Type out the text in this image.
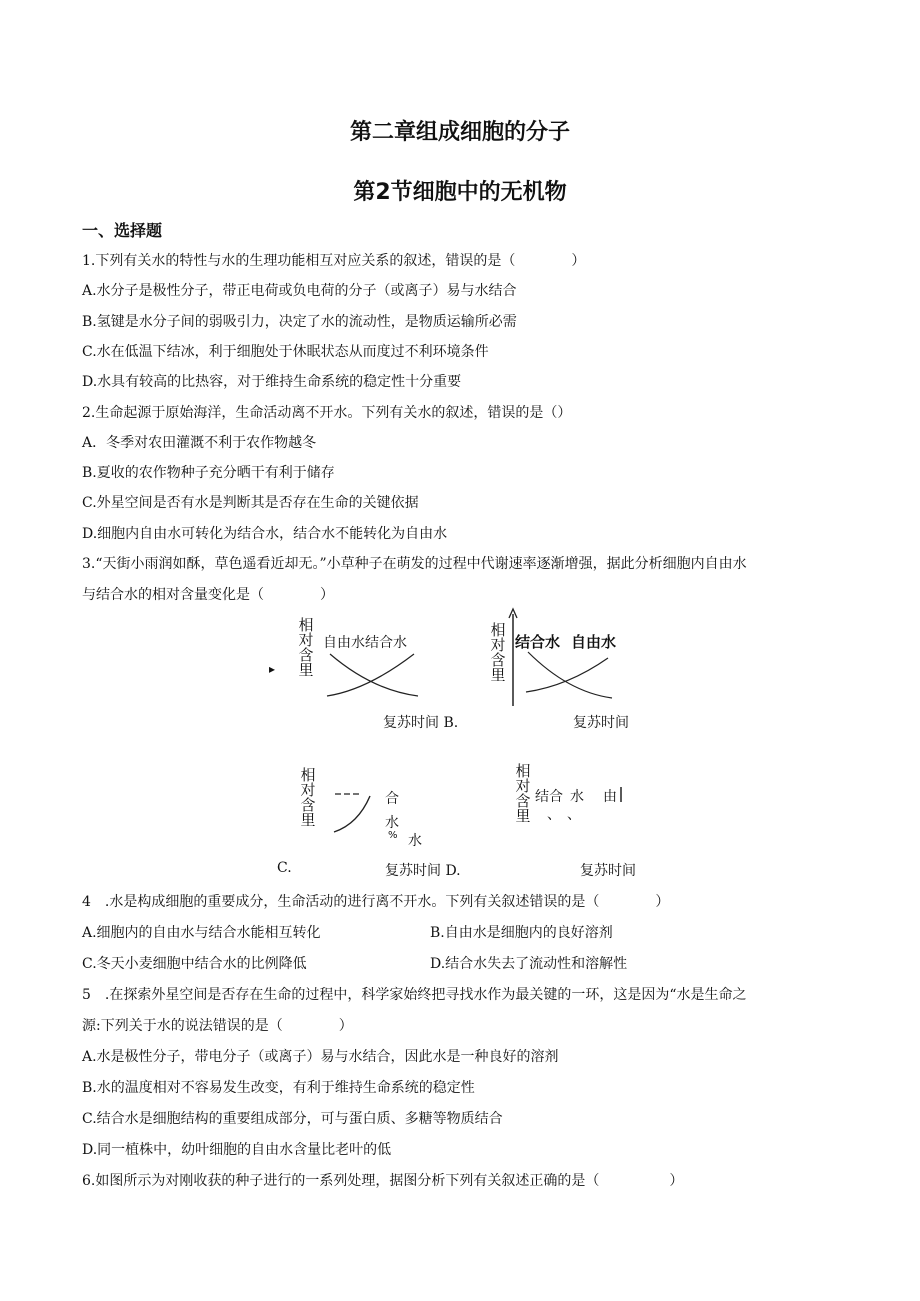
第二章组成细胞的分子
第2节细胞中的无机物
一、选择题
1.下列有关水的特性与水的生理功能相互对应关系的叙述，错误的是（　　　　）
A.水分子是极性分子，带正电荷或负电荷的分子（或离子）易与水结合
B.氢键是水分子间的弱吸引力，决定了水的流动性，是物质运输所必需
C.水在低温下结冰，利于细胞处于休眠状态从而度过不利环境条件
D.水具有较高的比热容，对于维持生命系统的稳定性十分重要
2.生命起源于原始海洋，生命活动离不开水。下列有关水的叙述，错误的是（）
A．冬季对农田灌溉不利于农作物越冬
B.夏收的农作物种子充分晒干有利于储存
C.外星空间是否有水是判断其是否存在生命的关键依据
D.细胞内自由水可转化为结合水，结合水不能转化为自由水
3.“天街小雨润如酥，草色遥看近却无。”小草种子在萌发的过程中代谢速率逐渐增强，据此分析细胞内自由水
与结合水的相对含量变化是（　　　　）
▸
相对含里
自由水结合水
复苏时间 B.
相对含里
结合水 自由水
复苏时间
C.
相对含里
合
水
% 水
复苏时间 D.
相对含里
结合 水 由
、 、
复苏时间
4　.水是构成细胞的重要成分，生命活动的进行离不开水。下列有关叙述错误的是（　　　　）
A.细胞内的自由水与结合水能相互转化	B.自由水是细胞内的良好溶剂
C.冬天小麦细胞中结合水的比例降低	D.结合水失去了流动性和溶解性
5　.在探索外星空间是否存在生命的过程中，科学家始终把寻找水作为最关键的一环，这是因为“水是生命之
源:下列关于水的说法错误的是（　　　　）
A.水是极性分子，带电分子（或离子）易与水结合，因此水是一种良好的溶剂
B.水的温度相对不容易发生改变，有利于维持生命系统的稳定性
C.结合水是细胞结构的重要组成部分，可与蛋白质、多糖等物质结合
D.同一植株中，幼叶细胞的自由水含量比老叶的低
6.如图所示为对刚收获的种子进行的一系列处理，据图分析下列有关叙述正确的是（　　　　　）
